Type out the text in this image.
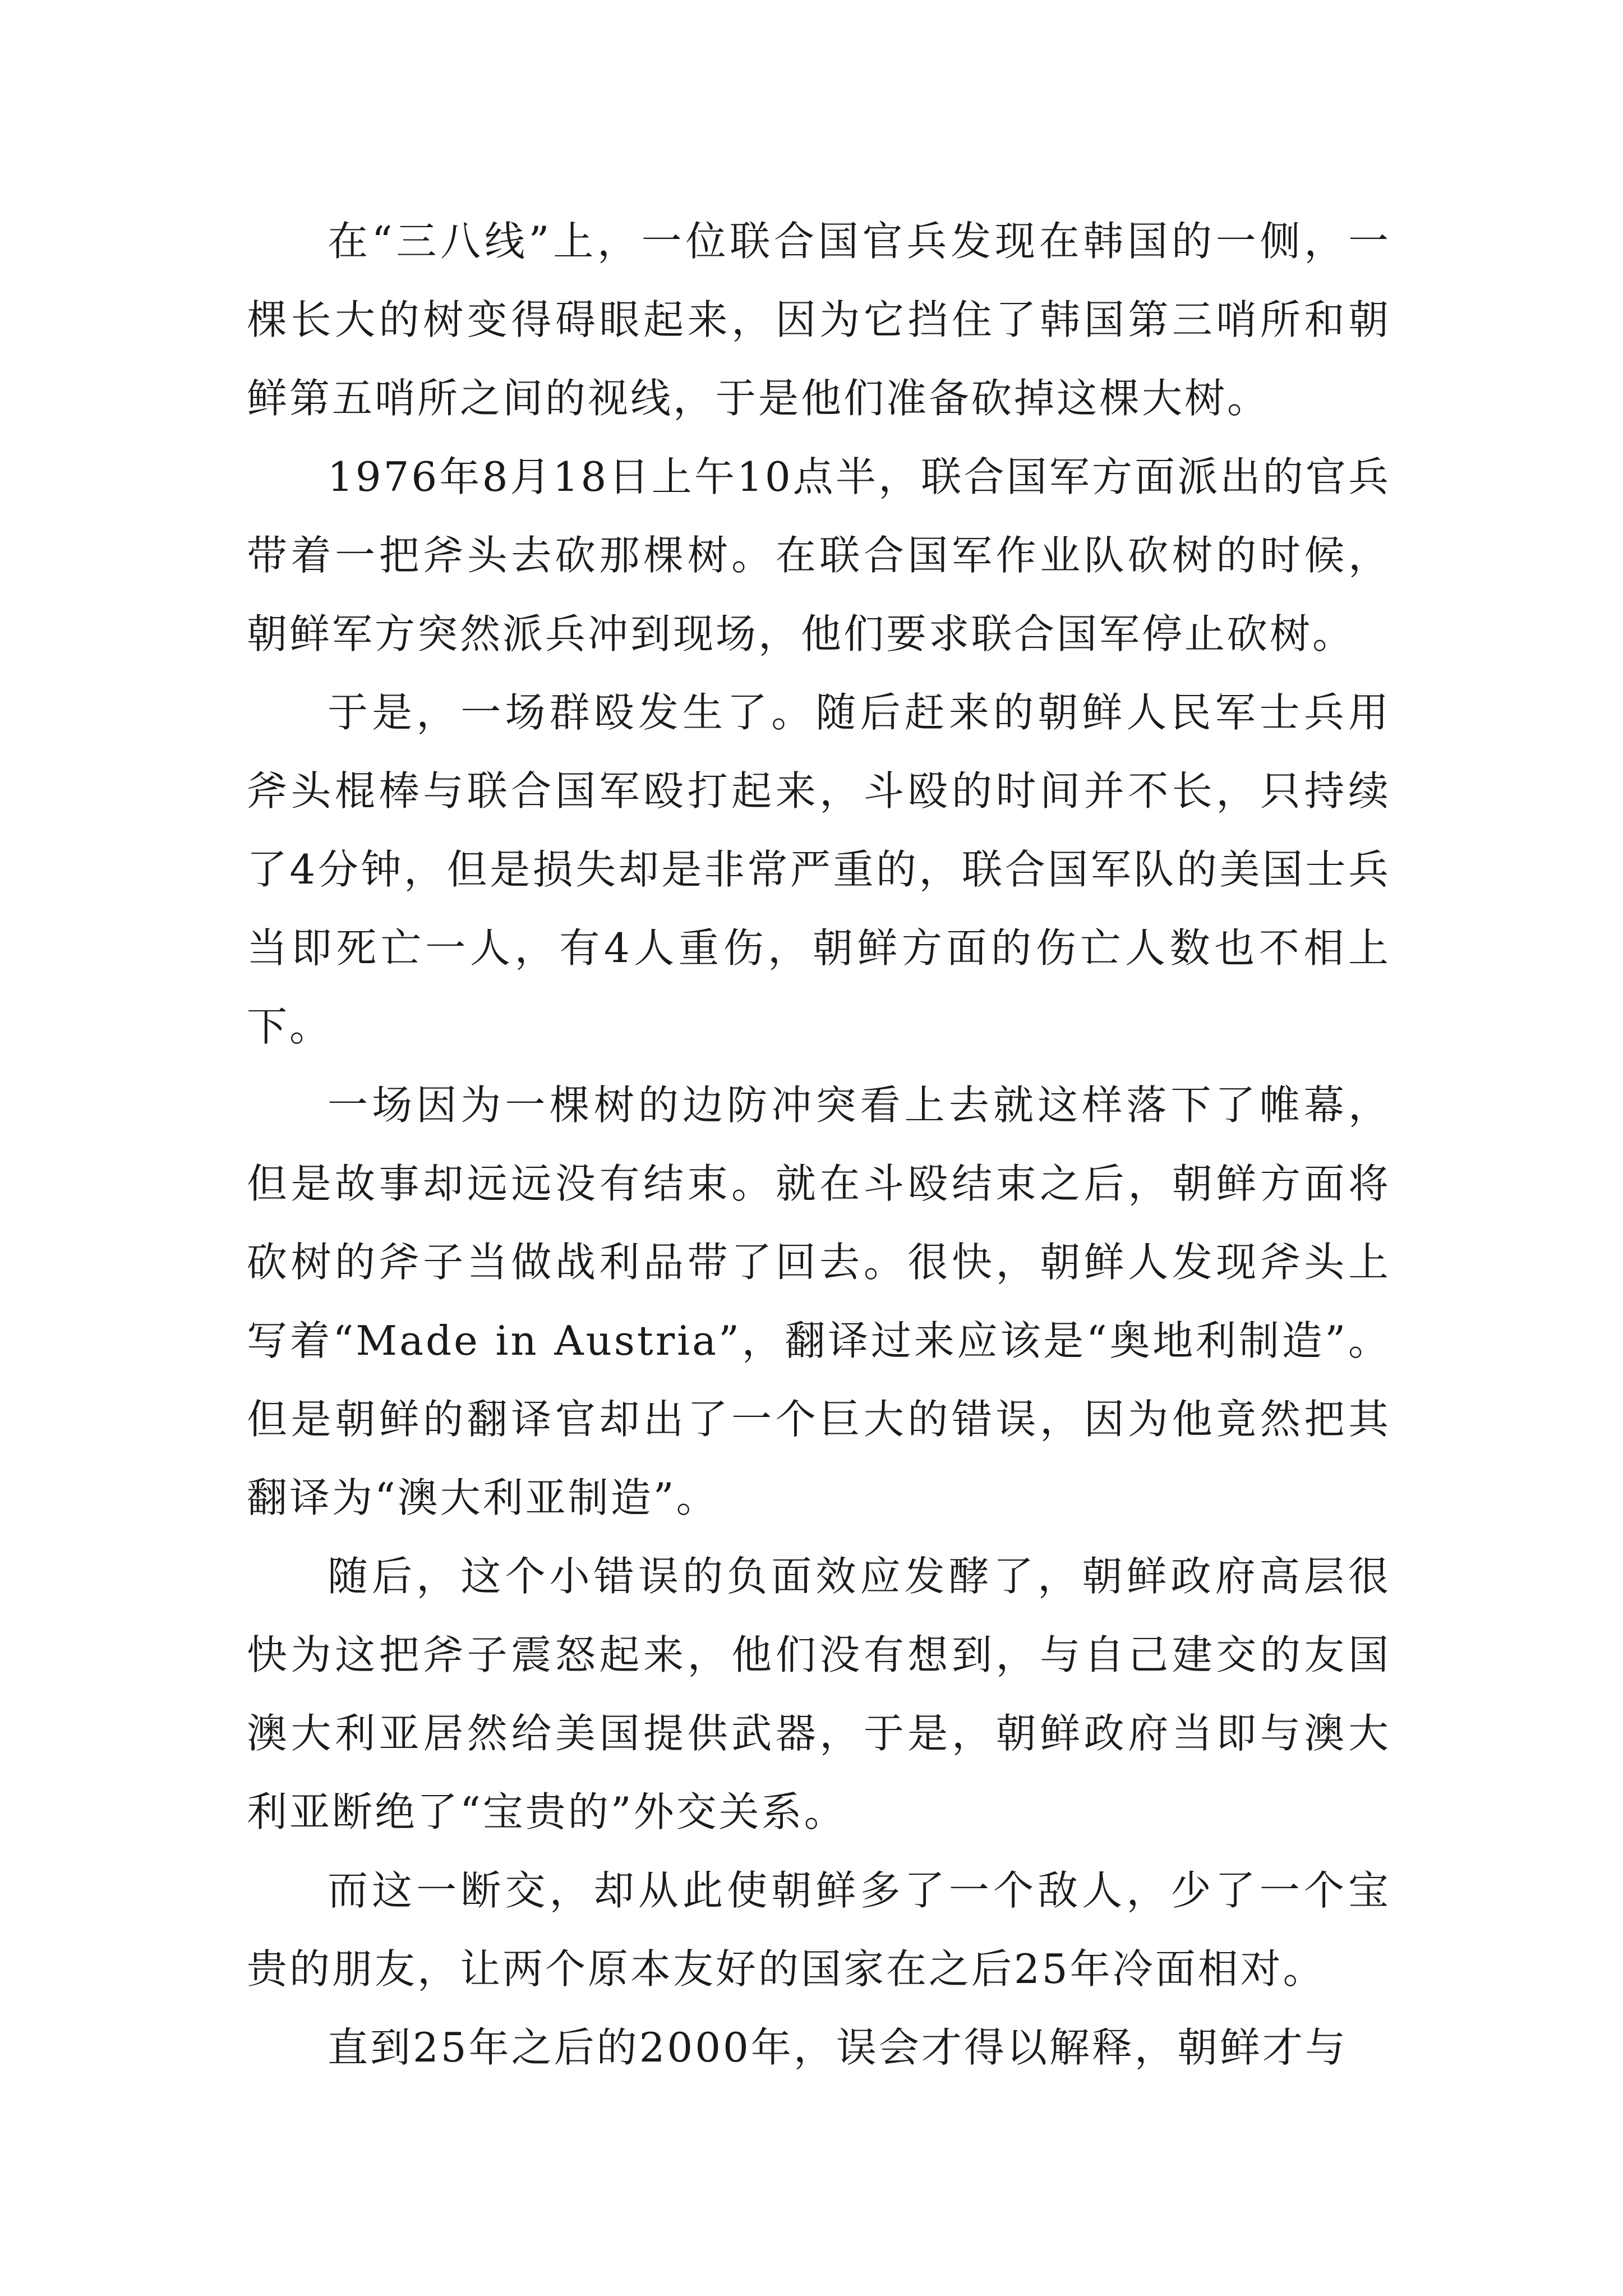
在“三八线”上，一位联合国官兵发现在韩国的一侧，一棵长大的树变得碍眼起来，因为它挡住了韩国第三哨所和朝鲜第五哨所之间的视线，于是他们准备砍掉这棵大树。

1976年8月18日上午10点半，联合国军方面派出的官兵带着一把斧头去砍那棵树。在联合国军作业队砍树的时候，朝鲜军方突然派兵冲到现场，他们要求联合国军停止砍树。

于是，一场群殴发生了。随后赶来的朝鲜人民军士兵用斧头棍棒与联合国军殴打起来，斗殴的时间并不长，只持续了4分钟，但是损失却是非常严重的，联合国军队的美国士兵当即死亡一人，有4人重伤，朝鲜方面的伤亡人数也不相上下。

一场因为一棵树的边防冲突看上去就这样落下了帷幕，但是故事却远远没有结束。就在斗殴结束之后，朝鲜方面将砍树的斧子当做战利品带了回去。很快，朝鲜人发现斧头上写着“Made in Austria”，翻译过来应该是“奥地利制造”。但是朝鲜的翻译官却出了一个巨大的错误，因为他竟然把其翻译为“澳大利亚制造”。

随后，这个小错误的负面效应发酵了，朝鲜政府高层很快为这把斧子震怒起来，他们没有想到，与自己建交的友国澳大利亚居然给美国提供武器，于是，朝鲜政府当即与澳大利亚断绝了“宝贵的”外交关系。

而这一断交，却从此使朝鲜多了一个敌人，少了一个宝贵的朋友，让两个原本友好的国家在之后25年冷面相对。

直到25年之后的2000年，误会才得以解释，朝鲜才与
